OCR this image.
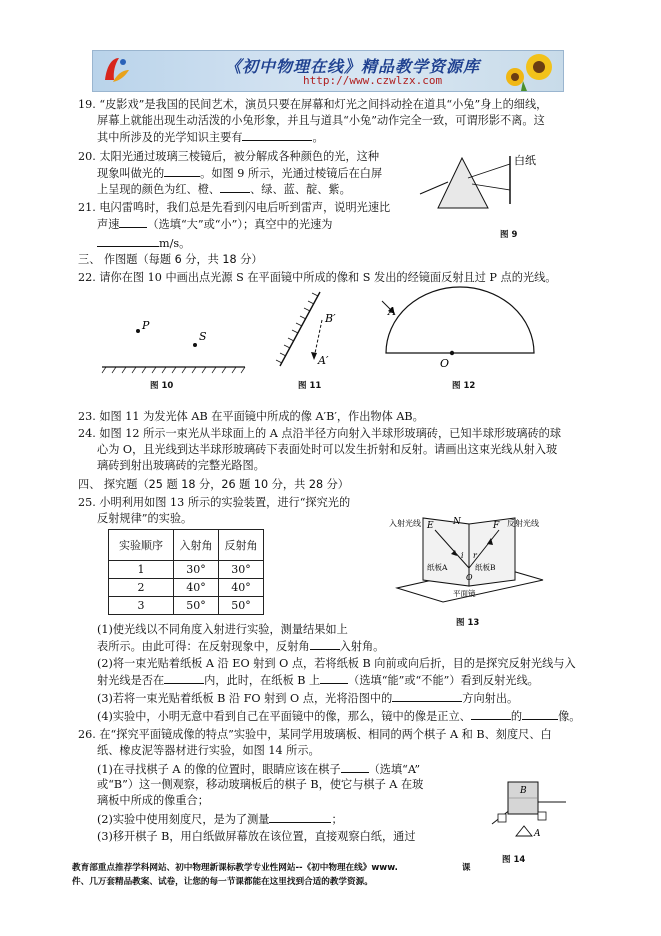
《初中物理在线》精品教学资源库
http://www.czwlzx.com
19. “皮影戏”是我国的民间艺术，演员只要在屏幕和灯光之间抖动拴在道具“小兔”身上的细线，
屏幕上就能出现生动活泼的小兔形象，并且与道具“小兔”动作完全一致，可谓形影不离。这
其中所涉及的光学知识主要有	。
20. 太阳光通过玻璃三棱镜后，被分解成各种颜色的光，这种
现象叫做光的	。如图 9 所示，光通过棱镜后在白屏
上呈现的颜色为红、橙、	、绿、蓝、靛、紫。
21. 电闪雷鸣时，我们总是先看到闪电后听到雷声，说明光速比
声速	（选填“大”或“小”）；真空中的光速为
m/s。
白纸
图 9
三、 作图题（每题 6 分，共 18 分）
22. 请你在图 10 中画出点光源 S 在平面镜中所成的像和 S 发出的经镜面反射且过 P 点的光线。
P
S
图 10
B′
A′
图 11
A
O
图 12
23. 如图 11 为发光体 AB 在平面镜中所成的像 A′B′，作出物体 AB。
24. 如图 12 所示一束光从半球面上的 A 点沿半径方向射入半球形玻璃砖，已知半球形玻璃砖的球
心为 O，且光线到达半球形玻璃砖下表面处时可以发生折射和反射。请画出这束光线从射入玻
璃砖到射出玻璃砖的完整光路图。
四、 探究题（25 题 18 分，26 题 10 分，共 28 分）
25. 小明利用如图 13 所示的实验装置，进行“探究光的
反射规律”的实验。
实验顺序	入射角	反射角
1	30°	30°
2	40°	40°
3	50°	50°
入射光线	反射光线
E N	F
i r
O
纸板A	纸板B
平面镜
图 13
(1)使光线以不同角度入射进行实验，测量结果如上
表所示。由此可得：在反射现象中，反射角	入射角。
(2)将一束光贴着纸板 A 沿 EO 射到 O 点，若将纸板 B 向前或向后折，目的是探究反射光线与入
射光线是否在	内，此时，在纸板 B 上	（选填“能”或“不能”）看到反射光线。
(3)若将一束光贴着纸板 B 沿 FO 射到 O 点，光将沿图中的	方向射出。
(4)实验中，小明无意中看到自己在平面镜中的像，那么，镜中的像是正立、	的	像。
26. 在“探究平面镜成像的特点”实验中，某同学用玻璃板、相同的两个棋子 A 和 B、刻度尺、白
纸、橡皮泥等器材进行实验，如图 14 所示。
(1)在寻找棋子 A 的像的位置时，眼睛应该在棋子	（选填“A”
或“B”）这一侧观察，移动玻璃板后的棋子 B，使它与棋子 A 在玻
璃板中所成的像重合；
(2)实验中使用刻度尺，是为了测量	；
(3)移开棋子 B，用白纸做屏幕放在该位置，直接观察白纸，通过
B
A
图 14
教育部重点推荐学科网站、初中物理新课标教学专业性网站--《初中物理在线》www.	课
件、几万套精品教案、试卷，让您的每一节课都能在这里找到合适的教学资源。
